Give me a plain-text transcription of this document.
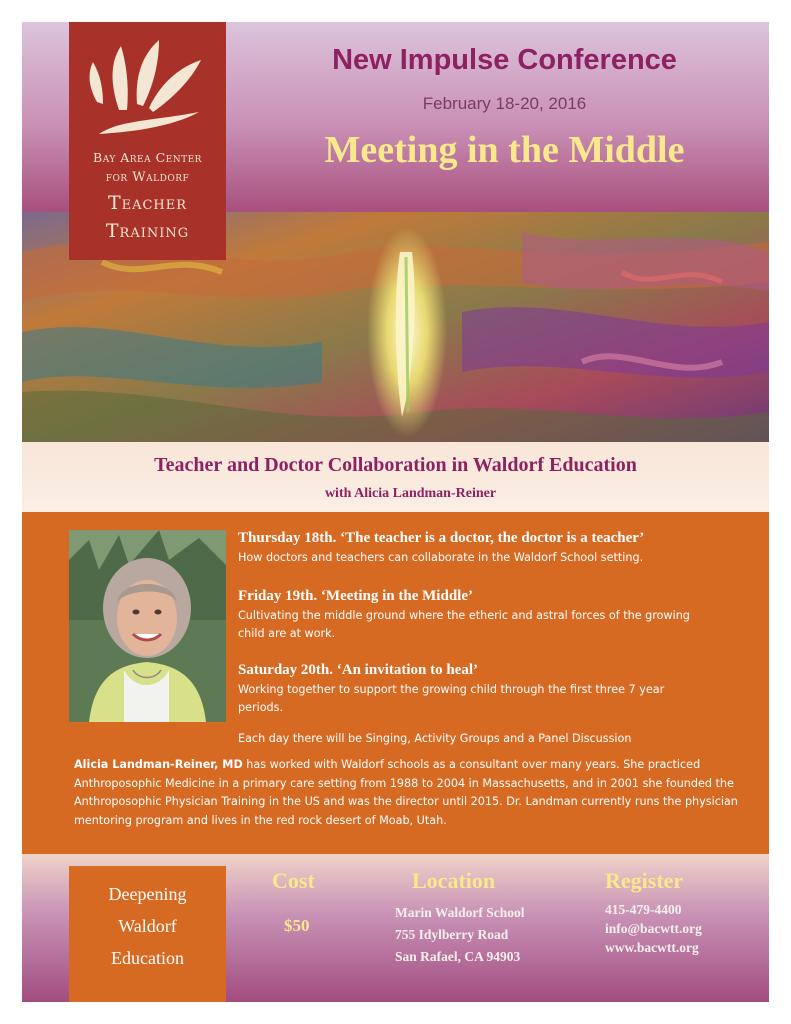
New Impulse Conference
February 18-20, 2016
Meeting in the Middle
Bay Area Center
for Waldorf
Teacher
Training
Teacher and Doctor Collaboration in Waldorf Education
with Alicia Landman-Reiner

Thursday 18th. ‘The teacher is a doctor, the doctor is a teacher’

How doctors and teachers can collaborate in the Waldorf School setting.

Friday 19th. ‘Meeting in the Middle’

Cultivating the middle ground where the etheric and astral forces of the growing child are at work.

Saturday 20th. ‘An invitation to heal’

Working together to support the growing child through the first three 7 year periods.

Each day there will be Singing, Activity Groups and a Panel Discussion
Alicia Landman-Reiner, MD has worked with Waldorf schools as a consultant over many years. She practiced Anthroposophic Medicine in a primary care setting from 1988 to 2004 in Massachusetts, and in 2001 she founded the Anthroposophic Physician Training in the US and was the director until 2015. Dr. Landman currently runs the physician mentoring program and lives in the red rock desert of Moab, Utah.
Deepening
Waldorf
Education
Cost
$50
Location
Marin Waldorf School
755 Idylberry Road
San Rafael, CA 94903
Register
415-479-4400
info@bacwtt.org
www.bacwtt.org
